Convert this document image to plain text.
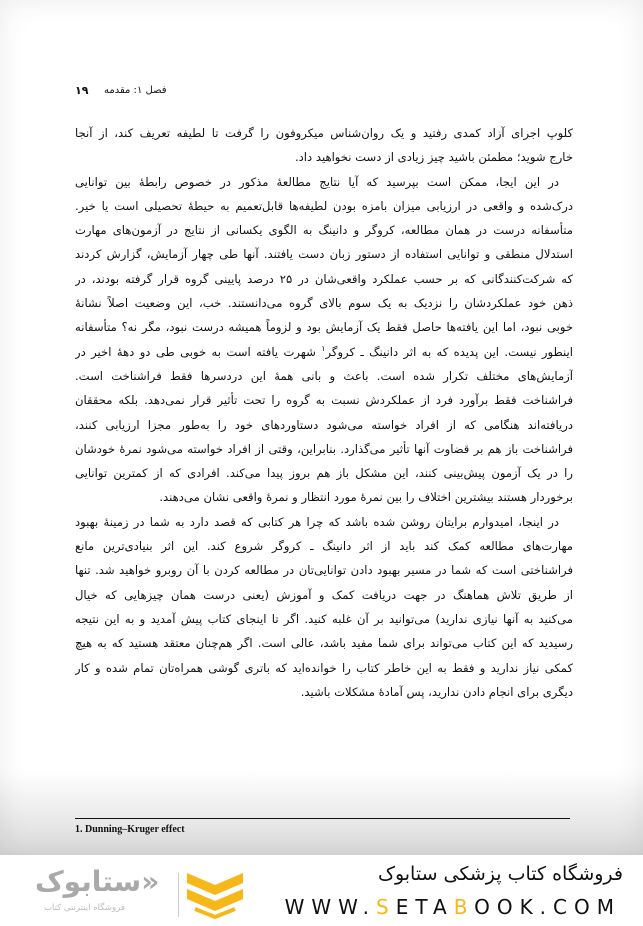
۱۹ فصل ۱: مقدمه
کلوپ اجرای آزاد کمدی رفتید و یک روان‌شناس میکروفون را گرفت تا لطیفه تعریف کند، از آنجا
خارج شوید؛ مطمئن باشید چیز زیادی از دست نخواهید داد.
در این ایجا، ممکن است بپرسید که آیا نتایج مطالعهٔ مذکور در خصوص رابطهٔ بین توانایی
درک‌شده و واقعی در ارزیابی میزان بامزه بودن لطیفه‌ها قابل‌تعمیم به حیطهٔ تحصیلی است یا خیر.
متأسفانه درست در همان مطالعه، کروگر و دانینگ به الگوی یکسانی از نتایج در آزمون‌های مهارت
استدلال منطقی و توانایی استفاده از دستور زبان دست یافتند. آنها طی چهار آزمایش، گزارش کردند
که شرکت‌کنندگانی که بر حسب عملکرد واقعی‌شان در ۲۵ درصد پایینی گروه قرار گرفته بودند، در
ذهن خود عملکردشان را نزدیک به یک سوم بالای گروه می‌دانستند. خب، این وضعیت اصلاً نشانهٔ
خوبی نبود، اما این یافته‌ها حاصل فقط یک آزمایش بود و لزوماً همیشه درست نبود، مگر نه؟ متأسفانه
اینطور نیست. این پدیده که به اثر دانینگ ـ کروگر$^۱$ شهرت یافته است به خوبی طی دو دههٔ اخیر در
آزمایش‌های مختلف تکرار شده است. باعث و بانی همهٔ این دردسرها فقط فراشناخت است.
فراشناخت فقط برآورد فرد از عملکردش نسبت به گروه را تحت تأثیر قرار نمی‌دهد. بلکه محققان
دریافته‌اند هنگامی که از افراد خواسته می‌شود دستاوردهای خود را به‌طور مجزا ارزیابی کنند،
فراشناخت باز هم بر قضاوت آنها تأثیر می‌گذارد. بنابراین، وقتی از افراد خواسته می‌شود نمرهٔ خودشان
را در یک آزمون پیش‌بینی کنند، این مشکل باز هم بروز پیدا می‌کند. افرادی که از کمترین توانایی
برخوردار هستند بیشترین اختلاف را بین نمرهٔ مورد انتظار و نمرهٔ واقعی نشان می‌دهند.
در اینجا، امیدوارم برایتان روشن شده باشد که چرا هر کتابی که قصد دارد به شما در زمینهٔ بهبود
مهارت‌های مطالعه کمک کند باید از اثر دانینگ ـ کروگر شروع کند. این اثر بنیادی‌ترین مانع
فراشناختی است که شما در مسیر بهبود دادن توانایی‌تان در مطالعه کردن با آن روبرو خواهید شد. تنها
از طریق تلاش هماهنگ در جهت دریافت کمک و آموزش (یعنی درست همان چیزهایی که خیال
می‌کنید به آنها نیازی ندارید) می‌توانید بر آن غلبه کنید. اگر تا اینجای کتاب پیش آمدید و به این نتیجه
رسیدید که این کتاب می‌تواند برای شما مفید باشد، عالی است. اگر هم‌چنان معتقد هستید که به هیچ
کمکی نیاز ندارید و فقط به این خاطر کتاب را خوانده‌اید که باتری گوشی همراه‌تان تمام شده و کار
دیگری برای انجام دادن ندارید، پس آمادهٔ مشکلات باشید.
1. Dunning–Kruger effect
«ستابوک
فروشگاه اینترنتی کتاب
فروشگاه کتاب پزشکی ستابوک
WWW.SETABOOK.COM
